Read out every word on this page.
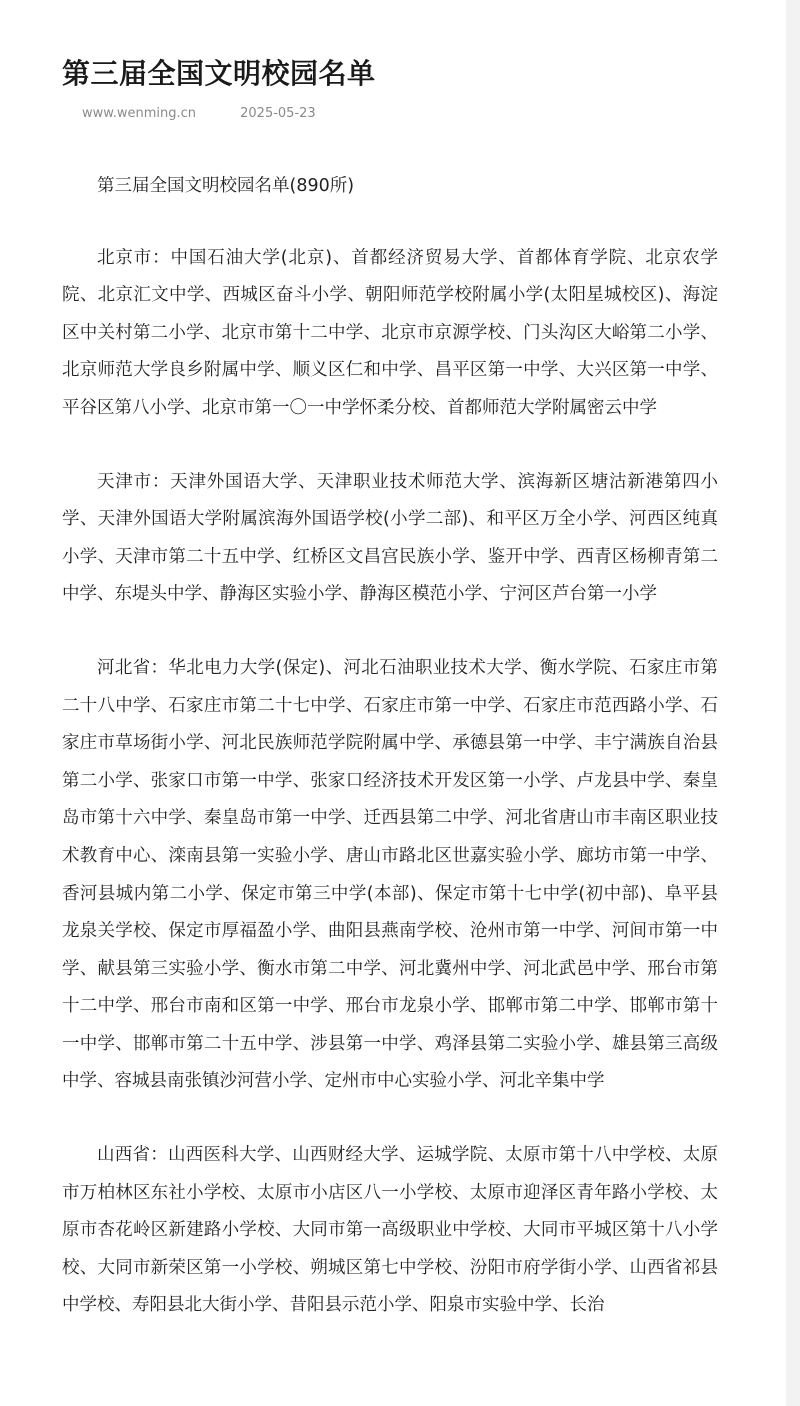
第三届全国文明校园名单
www.wenming.cn	2025-05-23

第三届全国文明校园名单(890所)

北京市：中国石油大学(北京)、首都经济贸易大学、首都体育学院、北京农学院、北京汇文中学、西城区奋斗小学、朝阳师范学校附属小学(太阳星城校区)、海淀区中关村第二小学、北京市第十二中学、北京市京源学校、门头沟区大峪第二小学、北京师范大学良乡附属中学、顺义区仁和中学、昌平区第一中学、大兴区第一中学、平谷区第八小学、北京市第一〇一中学怀柔分校、首都师范大学附属密云中学

天津市：天津外国语大学、天津职业技术师范大学、滨海新区塘沽新港第四小学、天津外国语大学附属滨海外国语学校(小学二部)、和平区万全小学、河西区纯真小学、天津市第二十五中学、红桥区文昌宫民族小学、鉴开中学、西青区杨柳青第二中学、东堤头中学、静海区实验小学、静海区模范小学、宁河区芦台第一小学

河北省：华北电力大学(保定)、河北石油职业技术大学、衡水学院、石家庄市第二十八中学、石家庄市第二十七中学、石家庄市第一中学、石家庄市范西路小学、石家庄市草场街小学、河北民族师范学院附属中学、承德县第一中学、丰宁满族自治县第二小学、张家口市第一中学、张家口经济技术开发区第一小学、卢龙县中学、秦皇岛市第十六中学、秦皇岛市第一中学、迁西县第二中学、河北省唐山市丰南区职业技术教育中心、滦南县第一实验小学、唐山市路北区世嘉实验小学、廊坊市第一中学、香河县城内第二小学、保定市第三中学(本部)、保定市第十七中学(初中部)、阜平县龙泉关学校、保定市厚福盈小学、曲阳县燕南学校、沧州市第一中学、河间市第一中学、献县第三实验小学、衡水市第二中学、河北冀州中学、河北武邑中学、邢台市第十二中学、邢台市南和区第一中学、邢台市龙泉小学、邯郸市第二中学、邯郸市第十一中学、邯郸市第二十五中学、涉县第一中学、鸡泽县第二实验小学、雄县第三高级中学、容城县南张镇沙河营小学、定州市中心实验小学、河北辛集中学

山西省：山西医科大学、山西财经大学、运城学院、太原市第十八中学校、太原市万柏林区东社小学校、太原市小店区八一小学校、太原市迎泽区青年路小学校、太原市杏花岭区新建路小学校、大同市第一高级职业中学校、大同市平城区第十八小学校、大同市新荣区第一小学校、朔城区第七中学校、汾阳市府学街小学、山西省祁县中学校、寿阳县北大街小学、昔阳县示范小学、阳泉市实验中学、长治
